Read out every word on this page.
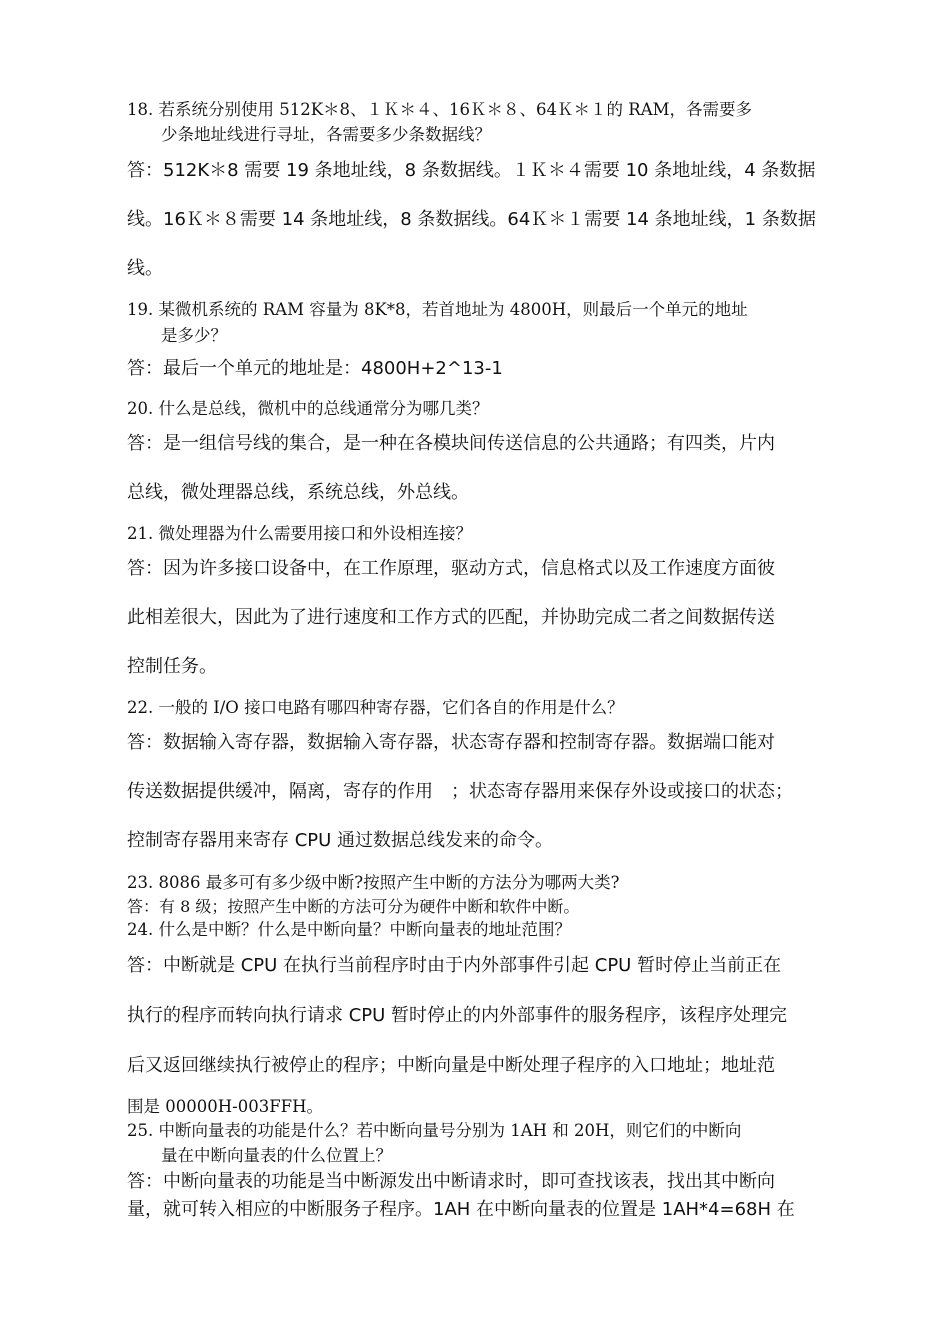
18. 若系统分别使用 512K＊8、１Ｋ＊４、16Ｋ＊８、64Ｋ＊１的 RAM，各需要多
少条地址线进行寻址，各需要多少条数据线？
答：512K＊8 需要 19 条地址线，8 条数据线。１Ｋ＊４需要 10 条地址线，4 条数据
线。16Ｋ＊８需要 14 条地址线，8 条数据线。64Ｋ＊１需要 14 条地址线，1 条数据
线。
19. 某微机系统的 RAM 容量为 8K*8，若首地址为 4800H，则最后一个单元的地址
是多少？
答：最后一个单元的地址是：4800H+2^13-1
20. 什么是总线，微机中的总线通常分为哪几类？
答：是一组信号线的集合，是一种在各模块间传送信息的公共通路；有四类，片内
总线，微处理器总线，系统总线，外总线。
21. 微处理器为什么需要用接口和外设相连接？
答：因为许多接口设备中，在工作原理，驱动方式，信息格式以及工作速度方面彼
此相差很大，因此为了进行速度和工作方式的匹配，并协助完成二者之间数据传送
控制任务。
22. 一般的 I/O 接口电路有哪四种寄存器，它们各自的作用是什么？
答：数据输入寄存器，数据输入寄存器，状态寄存器和控制寄存器。数据端口能对
传送数据提供缓冲，隔离，寄存的作用　；状态寄存器用来保存外设或接口的状态；
控制寄存器用来寄存 CPU 通过数据总线发来的命令。
23. 8086 最多可有多少级中断?按照产生中断的方法分为哪两大类?
答：有 8 级；按照产生中断的方法可分为硬件中断和软件中断。
24. 什么是中断？什么是中断向量？中断向量表的地址范围？
答：中断就是 CPU 在执行当前程序时由于内外部事件引起 CPU 暂时停止当前正在
执行的程序而转向执行请求 CPU 暂时停止的内外部事件的服务程序，该程序处理完
后又返回继续执行被停止的程序；中断向量是中断处理子程序的入口地址；地址范
围是 00000H-003FFH。
25. 中断向量表的功能是什么？若中断向量号分别为 1AH 和 20H，则它们的中断向
量在中断向量表的什么位置上？
答：中断向量表的功能是当中断源发出中断请求时，即可查找该表，找出其中断向
量，就可转入相应的中断服务子程序。1AH 在中断向量表的位置是 1AH*4=68H 在
